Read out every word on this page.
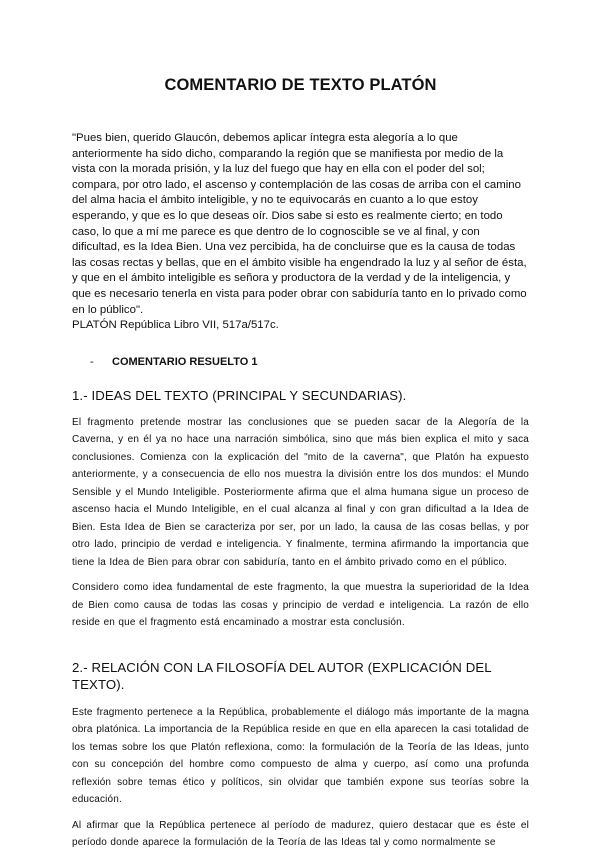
COMENTARIO DE TEXTO PLATÓN

"Pues bien, querido Glaucón, debemos aplicar íntegra esta alegoría a lo que anteriormente ha sido dicho, comparando la región que se manifiesta por medio de la vista con la morada prisión, y la luz del fuego que hay en ella con el poder del sol; compara, por otro lado, el ascenso y contemplación de las cosas de arriba con el camino del alma hacia el ámbito inteligible, y no te equivocarás en cuanto a lo que estoy esperando, y que es lo que deseas oír. Dios sabe si esto es realmente cierto; en todo caso, lo que a mí me parece es que dentro de lo cognoscible se ve al final, y con dificultad, es la Idea Bien. Una vez percibida, ha de concluirse que es la causa de todas las cosas rectas y bellas, que en el ámbito visible ha engendrado la luz y al señor de ésta, y que en el ámbito inteligible es señora y productora de la verdad y de la inteligencia, y que es necesario tenerla en vista para poder obrar con sabiduría tanto en lo privado como en lo público".

PLATÓN República Libro VII, 517a/517c.

-	COMENTARIO RESUELTO 1
1.- IDEAS DEL TEXTO (PRINCIPAL Y SECUNDARIAS).

El fragmento pretende mostrar las conclusiones que se pueden sacar de la Alegoría de la Caverna, y en él ya no hace una narración simbólica, sino que más bien explica el mito y saca conclusiones. Comienza con la explicación del "mito de la caverna", que Platón ha expuesto anteriormente, y a consecuencia de ello nos muestra la división entre los dos mundos: el Mundo Sensible y el Mundo Inteligible. Posteriormente afirma que el alma humana sigue un proceso de ascenso hacia el Mundo Inteligible, en el cual alcanza al final y con gran dificultad a la Idea de Bien. Esta Idea de Bien se caracteriza por ser, por un lado, la causa de las cosas bellas, y por otro lado, principio de verdad e inteligencia. Y finalmente, termina afirmando la importancia que tiene la Idea de Bien para obrar con sabiduría, tanto en el ámbito privado como en el público.

Considero como idea fundamental de este fragmento, la que muestra la superioridad de la Idea de Bien como causa de todas las cosas y principio de verdad e inteligencia. La razón de ello reside en que el fragmento está encaminado a mostrar esta conclusión.

2.- RELACIÓN CON LA FILOSOFÍA DEL AUTOR (EXPLICACIÓN DEL TEXTO).

Este fragmento pertenece a la República, probablemente el diálogo más importante de la magna obra platónica. La importancia de la República reside en que en ella aparecen la casi totalidad de los temas sobre los que Platón reflexiona, como: la formulación de la Teoría de las Ideas, junto con su concepción del hombre como compuesto de alma y cuerpo, así como una profunda reflexión sobre temas ético y políticos, sin olvidar que también expone sus teorías sobre la educación.

Al afirmar que la República pertenece al período de madurez, quiero destacar que es éste el período donde aparece la formulación de la Teoría de las Ideas tal y como normalmente se
